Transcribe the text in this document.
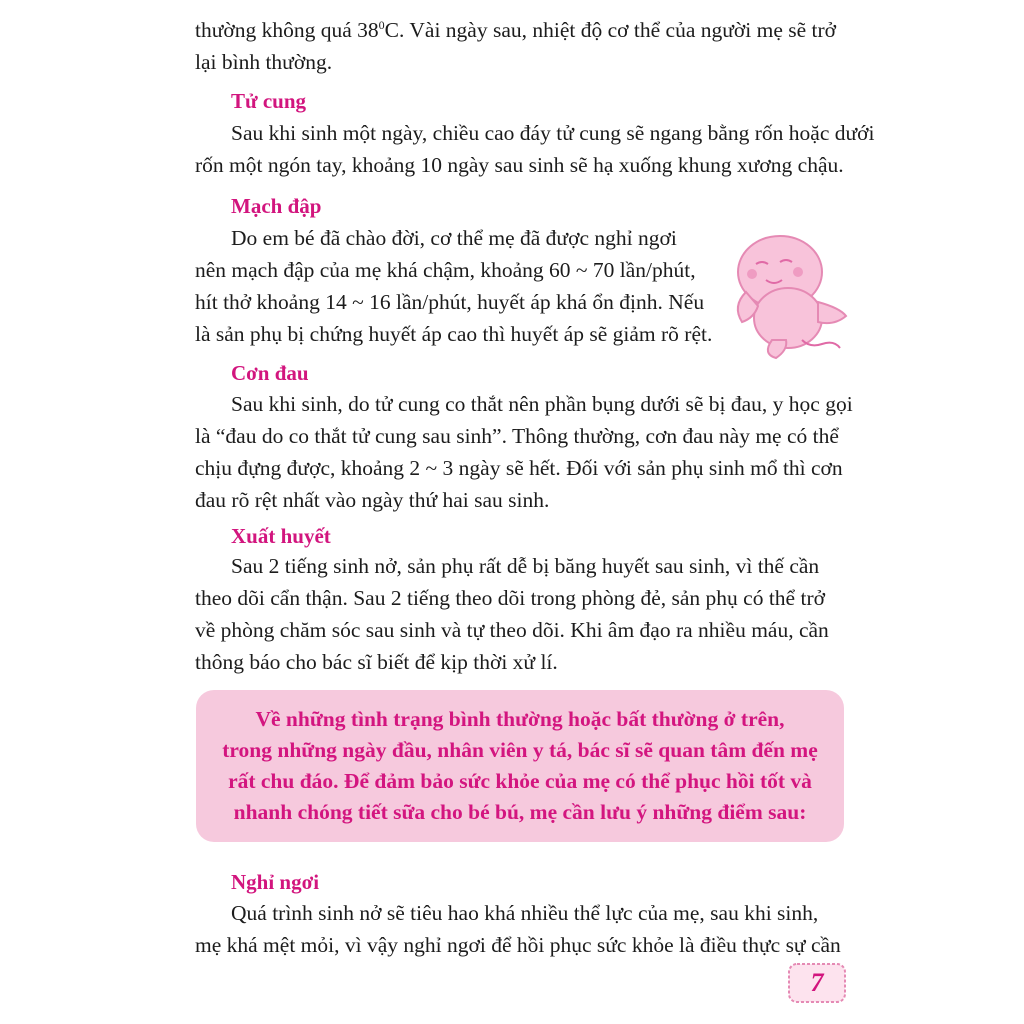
thường không quá $38^0C$. Vài ngày sau, nhiệt độ cơ thể của người mẹ sẽ trở
lại bình thường.

Tử cung

Sau khi sinh một ngày, chiều cao đáy tử cung sẽ ngang bằng rốn hoặc dưới
rốn một ngón tay, khoảng 10 ngày sau sinh sẽ hạ xuống khung xương chậu.

Mạch đập

Do em bé đã chào đời, cơ thể mẹ đã được nghỉ ngơi
nên mạch đập của mẹ khá chậm, khoảng 60 ~ 70 lần/phút,
hít thở khoảng 14 ~ 16 lần/phút, huyết áp khá ổn định. Nếu
là sản phụ bị chứng huyết áp cao thì huyết áp sẽ giảm rõ rệt.

Cơn đau

Sau khi sinh, do tử cung co thắt nên phần bụng dưới sẽ bị đau, y học gọi
là “đau do co thắt tử cung sau sinh”. Thông thường, cơn đau này mẹ có thể
chịu đựng được, khoảng 2 ~ 3 ngày sẽ hết. Đối với sản phụ sinh mổ thì cơn
đau rõ rệt nhất vào ngày thứ hai sau sinh.

Xuất huyết

Sau 2 tiếng sinh nở, sản phụ rất dễ bị băng huyết sau sinh, vì thế cần
theo dõi cẩn thận. Sau 2 tiếng theo dõi trong phòng đẻ, sản phụ có thể trở
về phòng chăm sóc sau sinh và tự theo dõi. Khi âm đạo ra nhiều máu, cần
thông báo cho bác sĩ biết để kịp thời xử lí.

Về những tình trạng bình thường hoặc bất thường ở trên,
trong những ngày đầu, nhân viên y tá, bác sĩ sẽ quan tâm đến mẹ
rất chu đáo. Để đảm bảo sức khỏe của mẹ có thể phục hồi tốt và
nhanh chóng tiết sữa cho bé bú, mẹ cần lưu ý những điểm sau:

Nghỉ ngơi

Quá trình sinh nở sẽ tiêu hao khá nhiều thể lực của mẹ, sau khi sinh,
mẹ khá mệt mỏi, vì vậy nghỉ ngơi để hồi phục sức khỏe là điều thực sự cần

7
